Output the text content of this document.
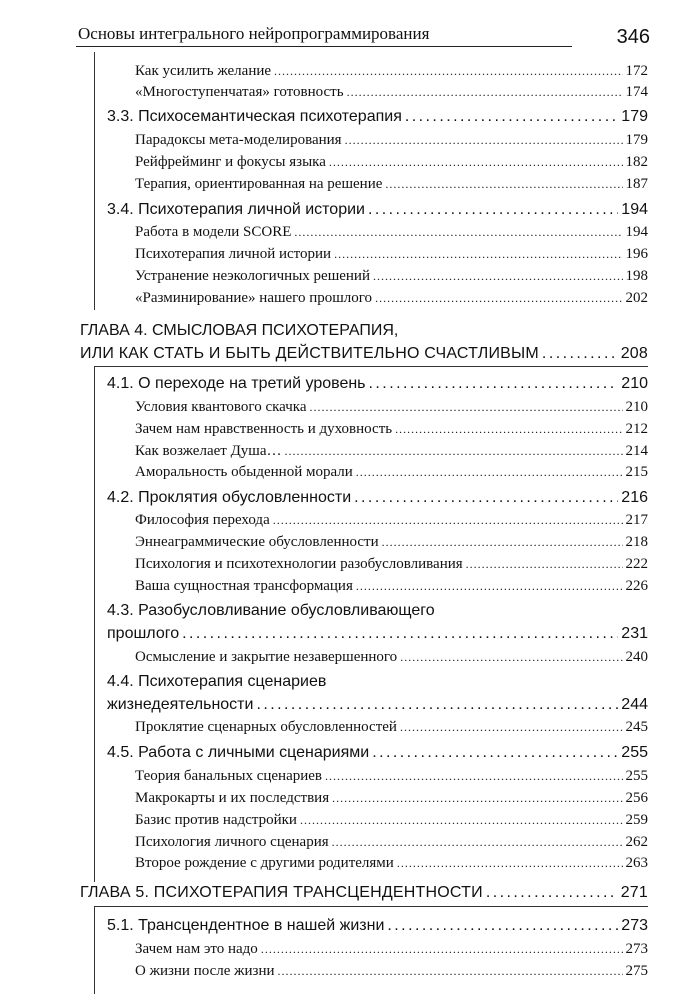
Основы интегрального нейропрограммирования	346
Как усилить желание . . .	172
«Многоступенчатая» готовность . . .	174
3.3. Психосемантическая психотерапия . . .	179
Парадоксы мета-моделирования . . .	179
Рейфрейминг и фокусы языка . . .	182
Терапия, ориентированная на решение . . .	187
3.4. Психотерапия личной истории . . .	194
Работа в модели SCORE . . .	194
Психотерапия личной истории . . .	196
Устранение неэкологичных решений . . .	198
«Разминирование» нашего прошлого . . .	202
ГЛАВА 4. СМЫСЛОВАЯ ПСИХОТЕРАПИЯ,
ИЛИ КАК СТАТЬ И БЫТЬ ДЕЙСТВИТЕЛЬНО СЧАСТЛИВЫМ . . .	208
4.1. О переходе на третий уровень . . .	210
Условия квантового скачка . . .	210
Зачем нам нравственность и духовность . . .	212
Как возжелает Душа… . . .	214
Аморальность обыденной морали . . .	215
4.2. Проклятия обусловленности . . .	216
Философия перехода . . .	217
Эннеаграммические обусловленности . . .	218
Психология и психотехнологии разобусловливания . . .	222
Ваша сущностная трансформация . . .	226
4.3. Разобусловливание обусловливающего
прошлого . . .	231
Осмысление и закрытие незавершенного . . .	240
4.4. Психотерапия сценариев
жизнедеятельности . . .	244
Проклятие сценарных обусловленностей . . .	245
4.5. Работа с личными сценариями . . .	255
Теория банальных сценариев . . .	255
Макрокарты и их последствия . . .	256
Базис против надстройки . . .	259
Психология личного сценария . . .	262
Второе рождение с другими родителями . . .	263
ГЛАВА 5. ПСИХОТЕРАПИЯ ТРАНСЦЕНДЕНТНОСТИ . . .	271
5.1. Трансцендентное в нашей жизни . . .	273
Зачем нам это надо . . .	273
О жизни после жизни . . .	275
